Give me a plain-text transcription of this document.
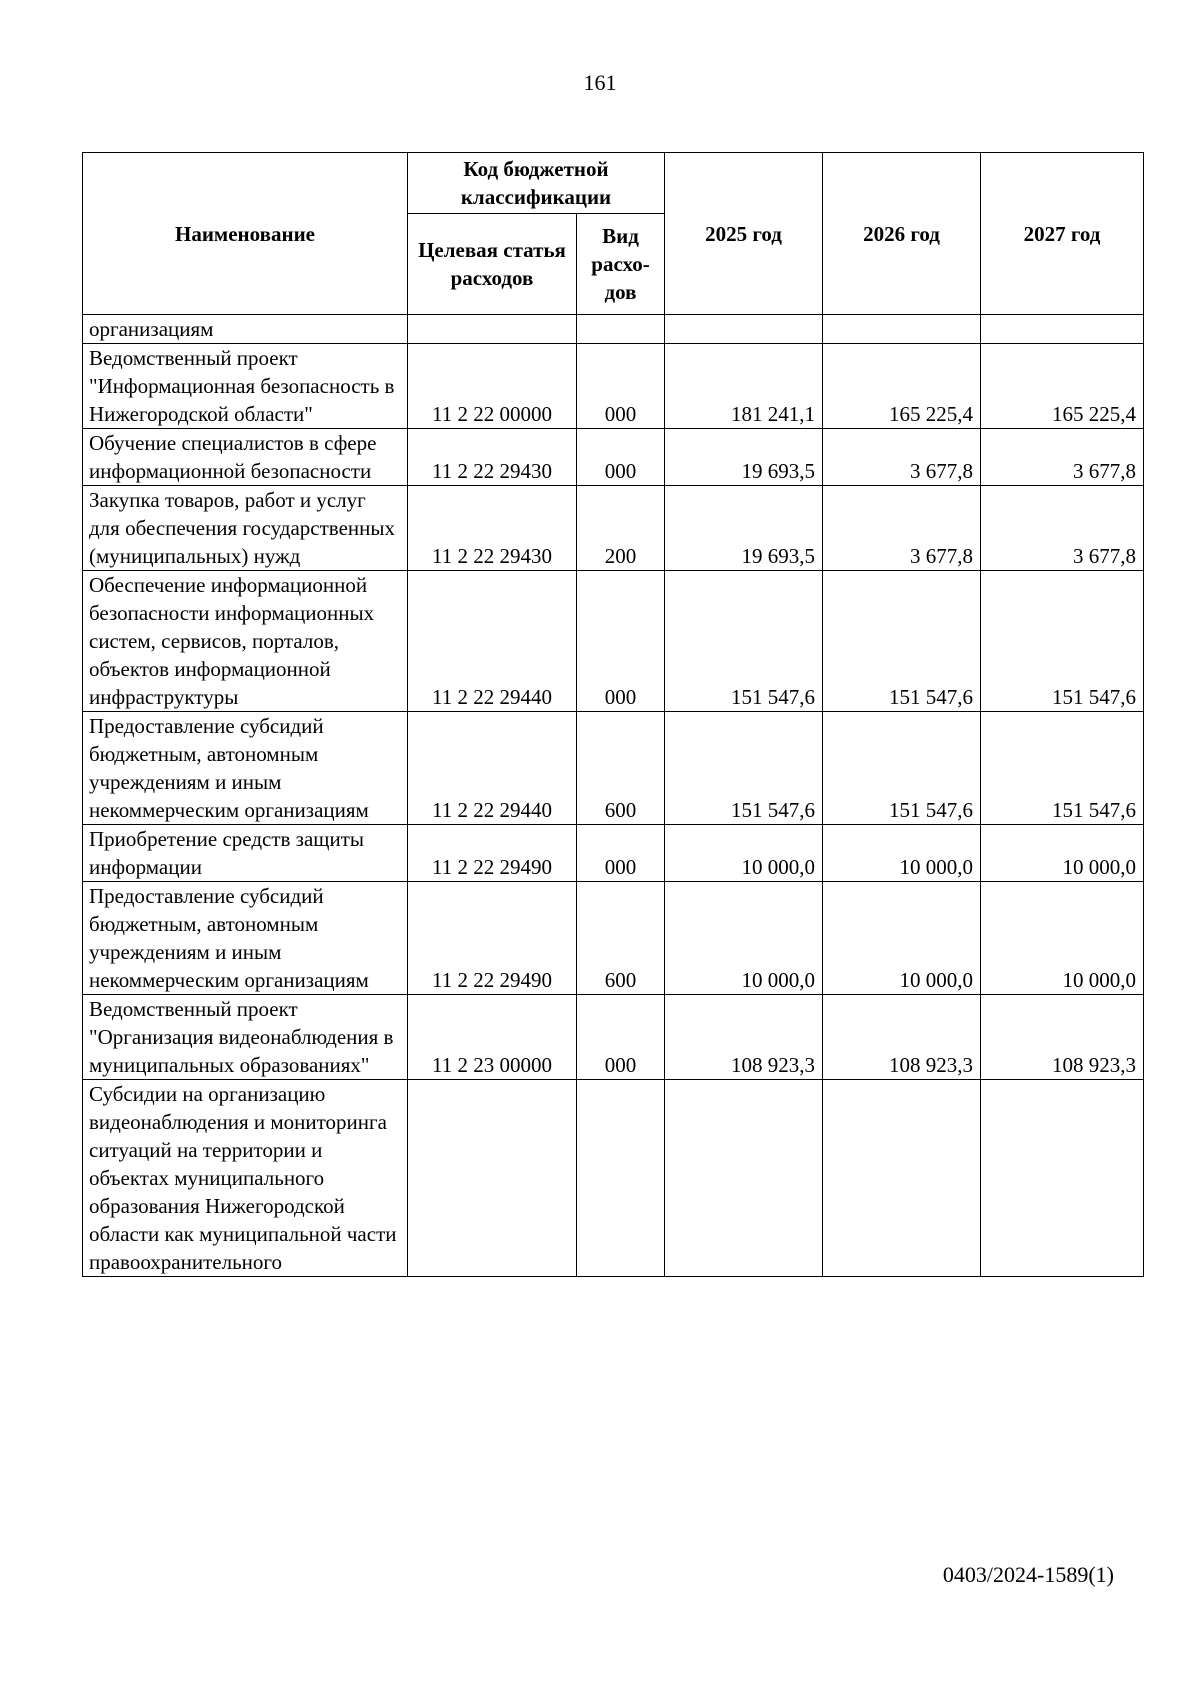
161
Наименование	Код бюджетной классификации		2025 год	2026 год	2027 год
	Целевая статья расходов	Вид расхо-дов			
организациям					
Ведомственный проект "Информационная безопасность в Нижегородской области"	11 2 22 00000	000	181 241,1	165 225,4	165 225,4
Обучение специалистов в сфере информационной безопасности	11 2 22 29430	000	19 693,5	3 677,8	3 677,8
Закупка товаров, работ и услуг для обеспечения государственных (муниципальных) нужд	11 2 22 29430	200	19 693,5	3 677,8	3 677,8
Обеспечение информационной безопасности информационных систем, сервисов, порталов, объектов информационной инфраструктуры	11 2 22 29440	000	151 547,6	151 547,6	151 547,6
Предоставление субсидий бюджетным, автономным учреждениям и иным некоммерческим организациям	11 2 22 29440	600	151 547,6	151 547,6	151 547,6
Приобретение средств защиты информации	11 2 22 29490	000	10 000,0	10 000,0	10 000,0
Предоставление субсидий бюджетным, автономным учреждениям и иным некоммерческим организациям	11 2 22 29490	600	10 000,0	10 000,0	10 000,0
Ведомственный проект "Организация видеонаблюдения в муниципальных образованиях"	11 2 23 00000	000	108 923,3	108 923,3	108 923,3
Субсидии на организацию видеонаблюдения и мониторинга ситуаций на территории и объектах муниципального образования Нижегородской области как муниципальной части правоохранительного					
0403/2024-1589(1)
